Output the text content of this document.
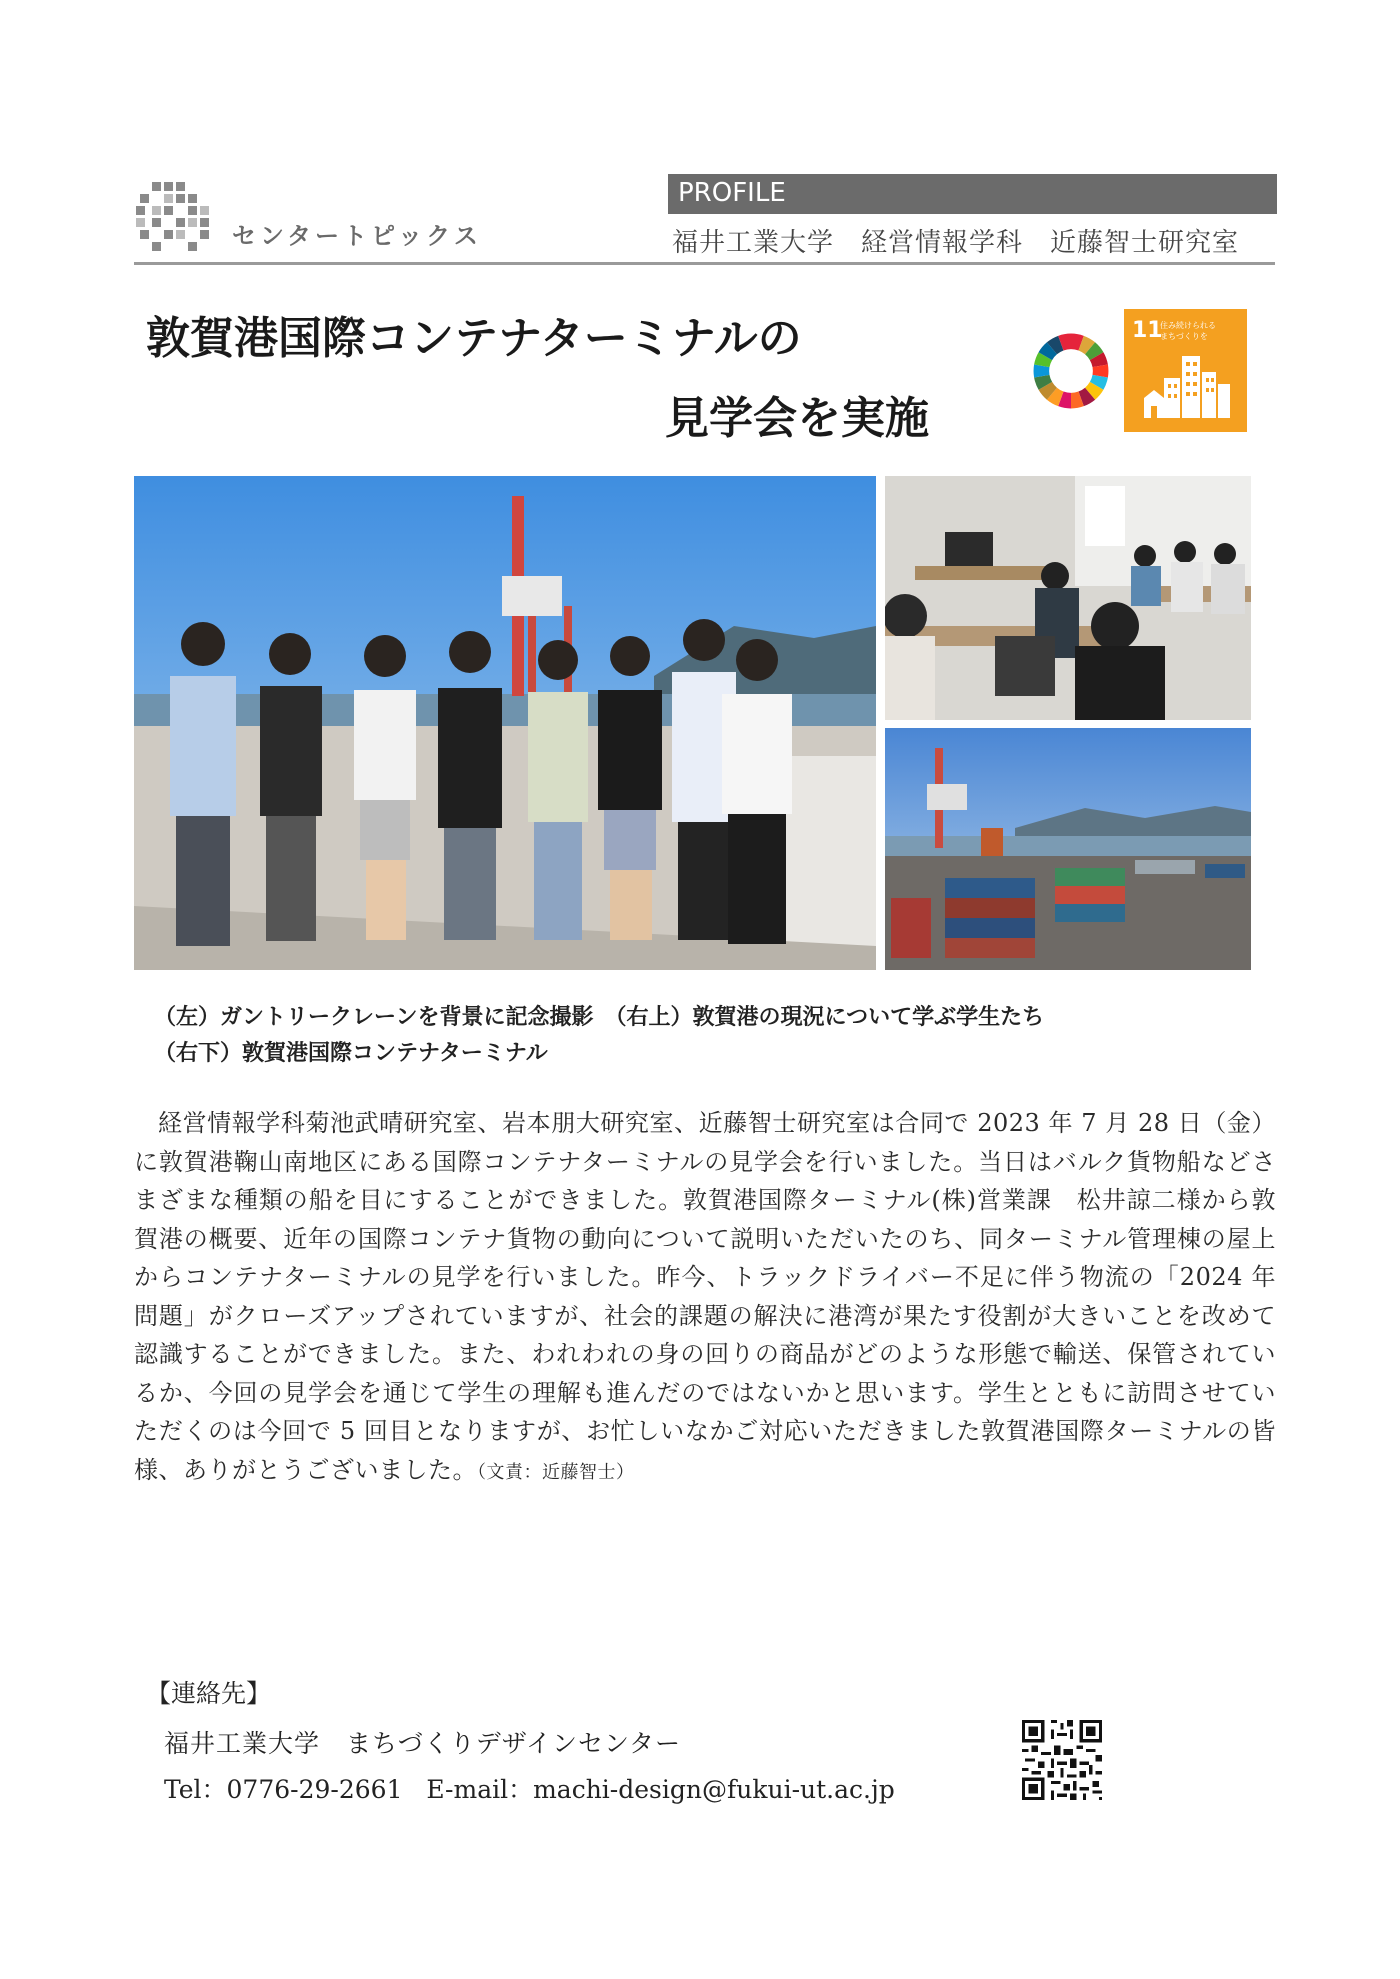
センタートピックス
PROFILE
福井工業大学　経営情報学科　近藤智士研究室
敦賀港国際コンテナターミナルの
見学会を実施
11
住み続けられる
まちづくりを
（左）ガントリークレーンを背景に記念撮影　（右上）敦賀港の現況について学ぶ学生たち
（右下）敦賀港国際コンテナターミナル
経営情報学科菊池武晴研究室、岩本朋大研究室、近藤智士研究室は合同で 2023 年 7 月 28 日（金）に敦賀港鞠山南地区にある国際コンテナターミナルの見学会を行いました。当日はバルク貨物船などさまざまな種類の船を目にすることができました。敦賀港国際ターミナル(株)営業課　松井諒二様から敦賀港の概要、近年の国際コンテナ貨物の動向について説明いただいたのち、同ターミナル管理棟の屋上からコンテナターミナルの見学を行いました。昨今、トラックドライバー不足に伴う物流の「2024 年問題」がクローズアップされていますが、社会的課題の解決に港湾が果たす役割が大きいことを改めて認識することができました。また、われわれの身の回りの商品がどのような形態で輸送、保管されているか、今回の見学会を通じて学生の理解も進んだのではないかと思います。学生とともに訪問させていただくのは今回で 5 回目となりますが、お忙しいなかご対応いただきました敦賀港国際ターミナルの皆様、ありがとうございました。（文責：近藤智士）
【連絡先】
福井工業大学　まちづくりデザインセンター
Tel：0776-29-2661 E-mail：machi-design@fukui-ut.ac.jp
